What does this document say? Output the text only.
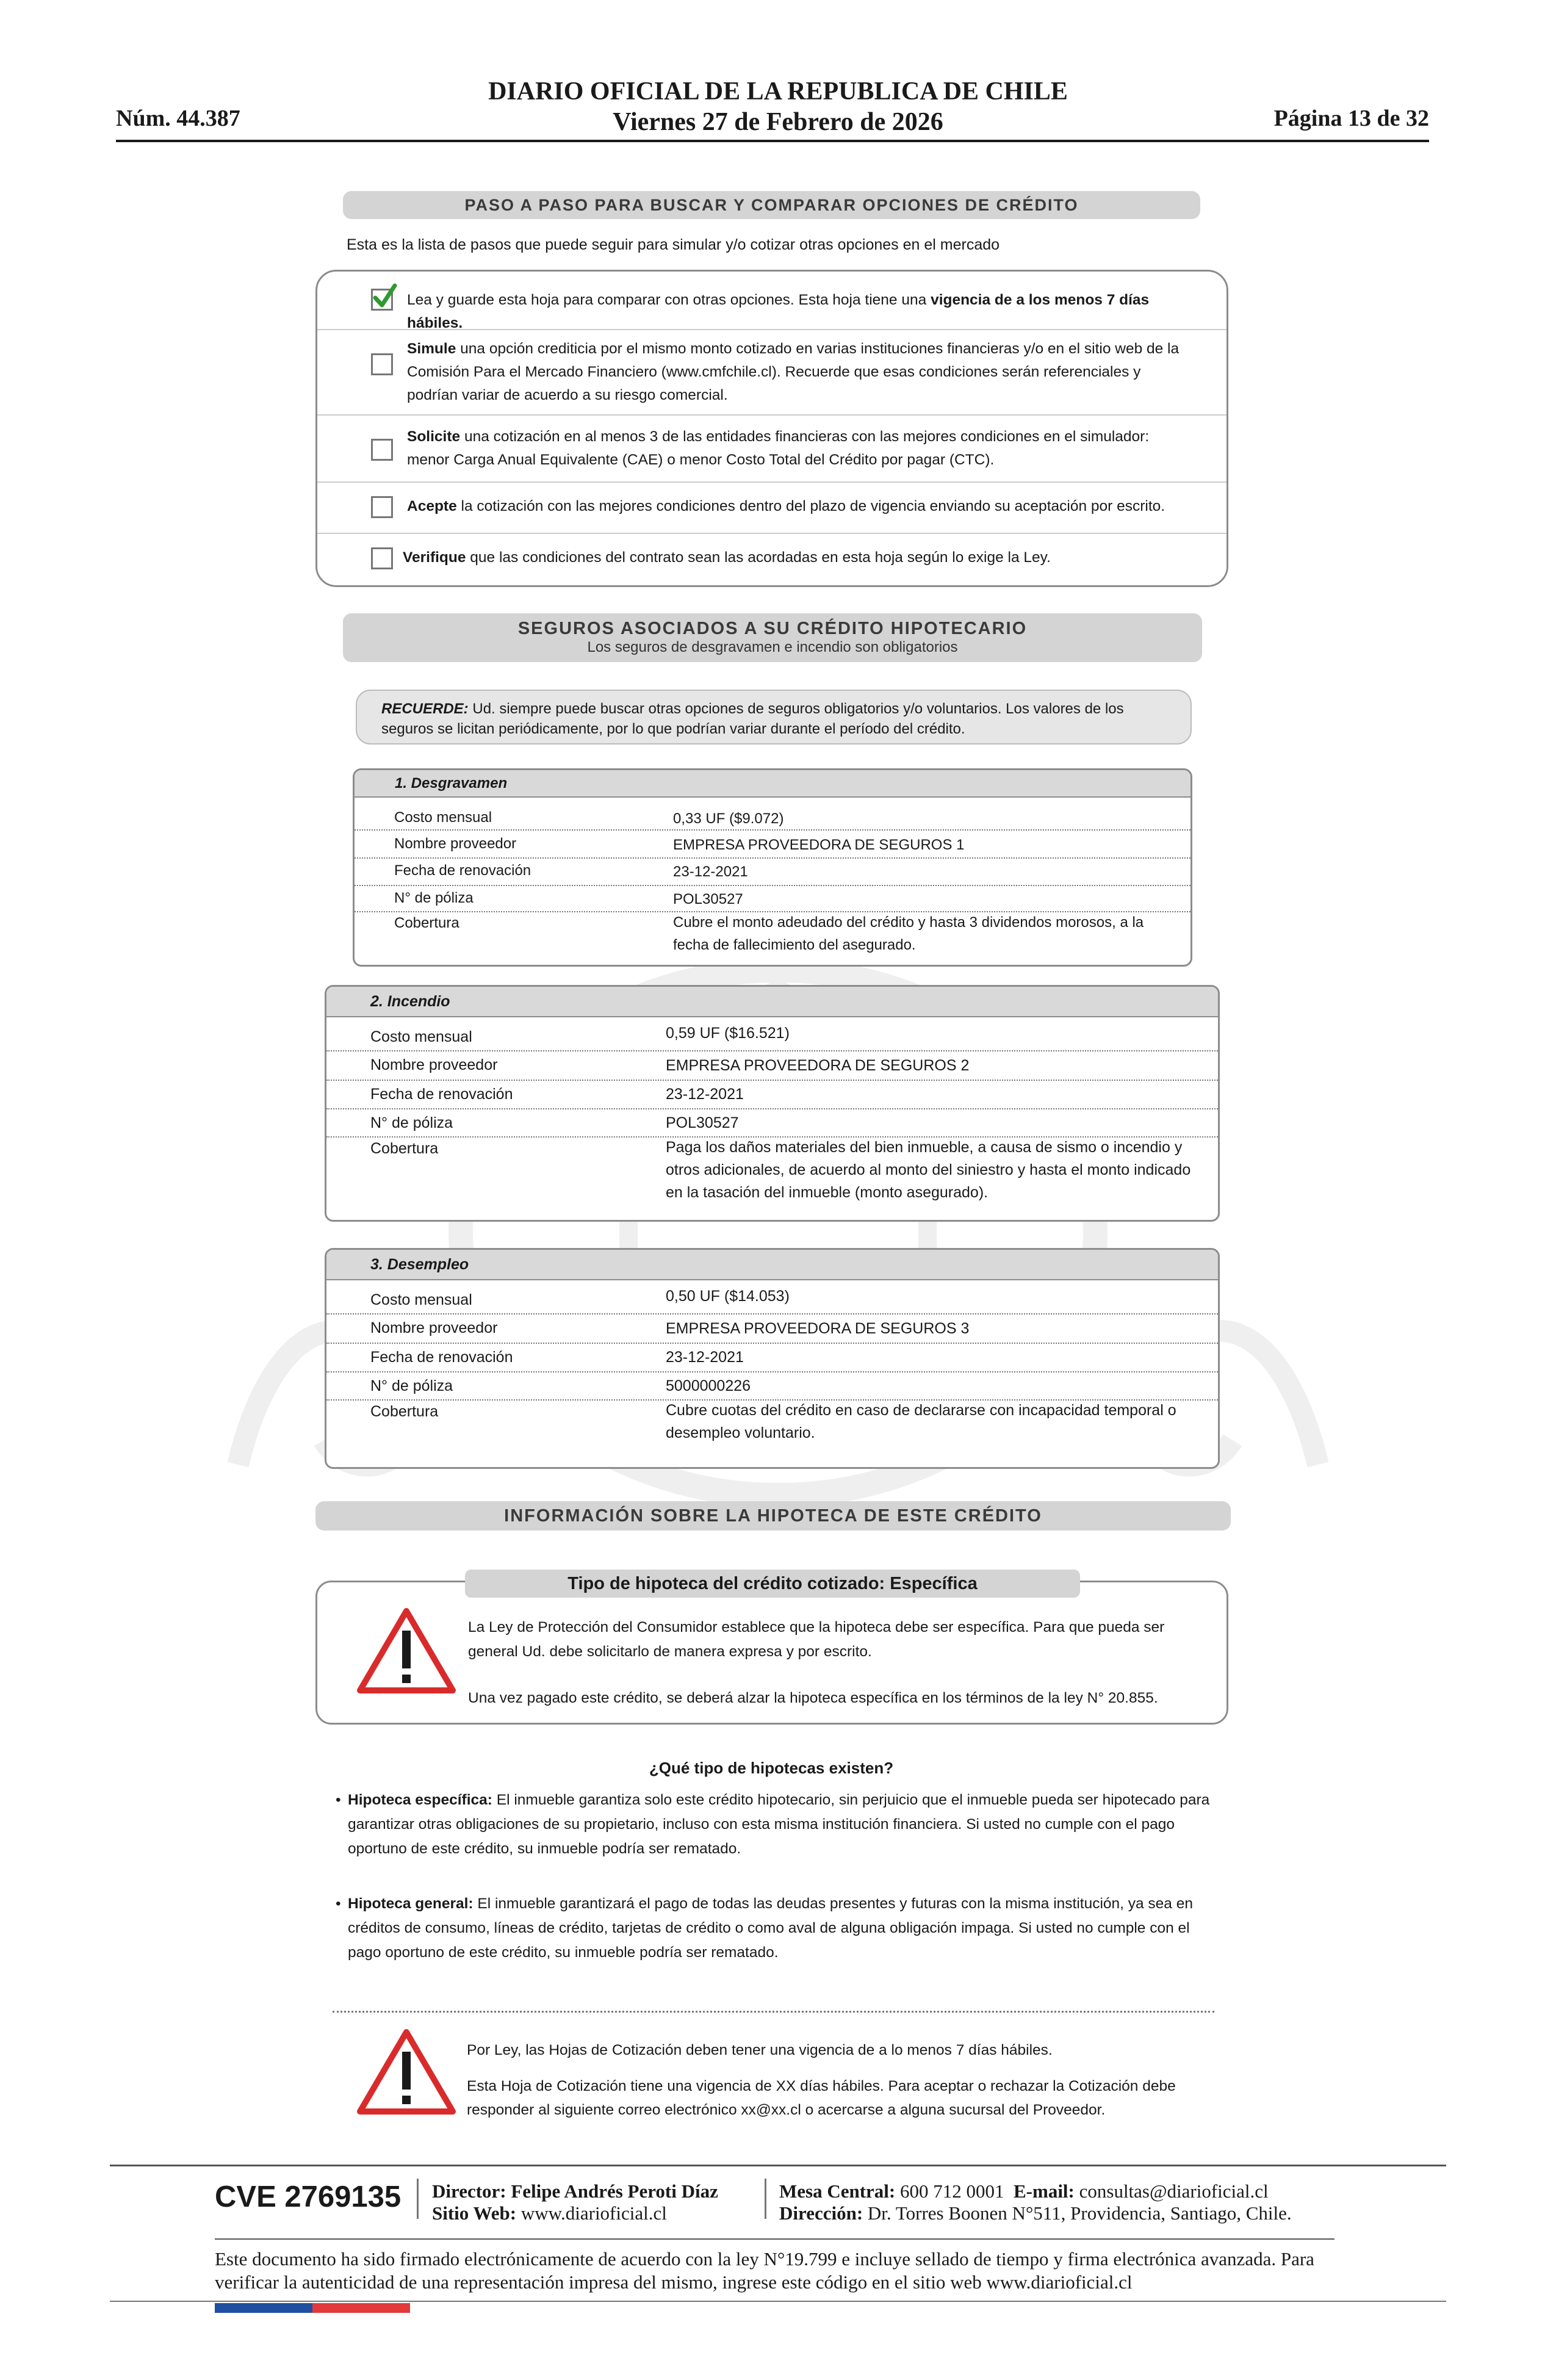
DIARIO OFICIAL DE LA REPUBLICA DE CHILE
Viernes 27 de Febrero de 2026
Núm. 44.387	Página 13 de 32
PASO A PASO PARA BUSCAR Y COMPARAR OPCIONES DE CRÉDITO
Esta es la lista de pasos que puede seguir para simular y/o cotizar otras opciones en el mercado
Lea y guarde esta hoja para comparar con otras opciones. Esta hoja tiene una vigencia de a los menos 7 días hábiles.
Simule una opción crediticia por el mismo monto cotizado en varias instituciones financieras y/o en el sitio web de la Comisión Para el Mercado Financiero (www.cmfchile.cl). Recuerde que esas condiciones serán referenciales y podrían variar de acuerdo a su riesgo comercial.
Solicite una cotización en al menos 3 de las entidades financieras con las mejores condiciones en el simulador: menor Carga Anual Equivalente (CAE) o menor Costo Total del Crédito por pagar (CTC).
Acepte la cotización con las mejores condiciones dentro del plazo de vigencia enviando su aceptación por escrito.
Verifique que las condiciones del contrato sean las acordadas en esta hoja según lo exige la Ley.
SEGUROS ASOCIADOS A SU CRÉDITO HIPOTECARIO
Los seguros de desgravamen e incendio son obligatorios
RECUERDE: Ud. siempre puede buscar otras opciones de seguros obligatorios y/o voluntarios. Los valores de los seguros se licitan periódicamente, por lo que podrían variar durante el período del crédito.
1. Desgravamen
Costo mensual	0,33 UF ($9.072)
Nombre proveedor	EMPRESA PROVEEDORA DE SEGUROS 1
Fecha de renovación	23-12-2021
N° de póliza	POL30527
Cobertura	Cubre el monto adeudado del crédito y hasta 3 dividendos morosos, a la fecha de fallecimiento del asegurado.
2. Incendio
Costo mensual	0,59 UF ($16.521)
Nombre proveedor	EMPRESA PROVEEDORA DE SEGUROS 2
Fecha de renovación	23-12-2021
N° de póliza	POL30527
Cobertura	Paga los daños materiales del bien inmueble, a causa de sismo o incendio y otros adicionales, de acuerdo al monto del siniestro y hasta el monto indicado en la tasación del inmueble (monto asegurado).
3. Desempleo
Costo mensual	0,50 UF ($14.053)
Nombre proveedor	EMPRESA PROVEEDORA DE SEGUROS 3
Fecha de renovación	23-12-2021
N° de póliza	5000000226
Cobertura	Cubre cuotas del crédito en caso de declararse con incapacidad temporal o desempleo voluntario.
INFORMACIÓN SOBRE LA HIPOTECA DE ESTE CRÉDITO
Tipo de hipoteca del crédito cotizado: Específica
La Ley de Protección del Consumidor establece que la hipoteca debe ser específica. Para que pueda ser general Ud. debe solicitarlo de manera expresa y por escrito.
Una vez pagado este crédito, se deberá alzar la hipoteca específica en los términos de la ley N° 20.855.
¿Qué tipo de hipotecas existen?
• Hipoteca específica: El inmueble garantiza solo este crédito hipotecario, sin perjuicio que el inmueble pueda ser hipotecado para garantizar otras obligaciones de su propietario, incluso con esta misma institución financiera. Si usted no cumple con el pago oportuno de este crédito, su inmueble podría ser rematado.
• Hipoteca general: El inmueble garantizará el pago de todas las deudas presentes y futuras con la misma institución, ya sea en créditos de consumo, líneas de crédito, tarjetas de crédito o como aval de alguna obligación impaga. Si usted no cumple con el pago oportuno de este crédito, su inmueble podría ser rematado.
Por Ley, las Hojas de Cotización deben tener una vigencia de a lo menos 7 días hábiles.
Esta Hoja de Cotización tiene una vigencia de XX días hábiles. Para aceptar o rechazar la Cotización debe responder al siguiente correo electrónico xx@xx.cl o acercarse a alguna sucursal del Proveedor.
CVE 2769135 Director: Felipe Andrés Peroti Díaz
Sitio Web: www.diarioficial.cl
Mesa Central: 600 712 0001 E-mail: consultas@diarioficial.cl
Dirección: Dr. Torres Boonen N°511, Providencia, Santiago, Chile.
Este documento ha sido firmado electrónicamente de acuerdo con la ley N°19.799 e incluye sellado de tiempo y firma electrónica avanzada. Para verificar la autenticidad de una representación impresa del mismo, ingrese este código en el sitio web www.diarioficial.cl
